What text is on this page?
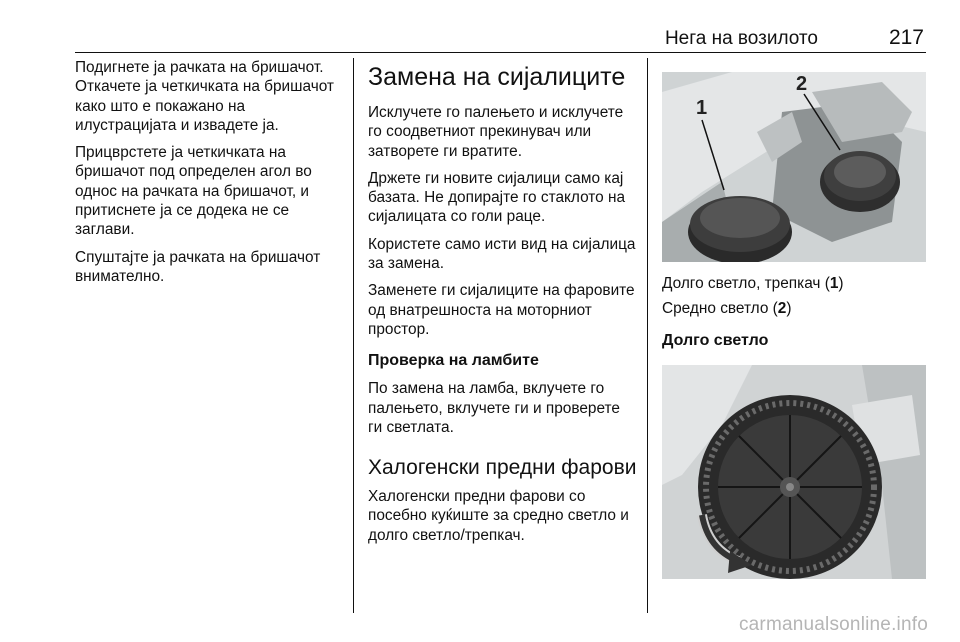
Нега на возилото	217

Подигнете ја рачката на бришачот. Откачете ја четкичката на бришачот како што е покажано на илустрацијата и извадете ја.

Прицврстете ја четкичката на бришачот под определен агол во однос на рачката на бришачот, и притиснете ја се додека не се заглави.

Спуштајте ја рачката на бришачот внимателно.

Замена на сијалиците

Исклучете го палењето и исклучете го соодветниот прекинувач или затворете ги вратите.

Држете ги новите сијалици само кај базата. Не допирајте го стаклото на сијалицата со голи раце.

Користете само исти вид на сијалица за замена.

Заменете ги сијалиците на фаровите од внатрешноста на моторниот простор.

Проверка на ламбите

По замена на ламба, вклучете го палењето, вклучете ги и проверете ги светлата.

Халогенски предни фарови

Халогенски предни фарови со посебно куќиште за средно светло и долго светло/трепкач.

1
2

Долго светло, трепкач (1)

Средно светло (2)

Долго светло
carmanualsonline.info
